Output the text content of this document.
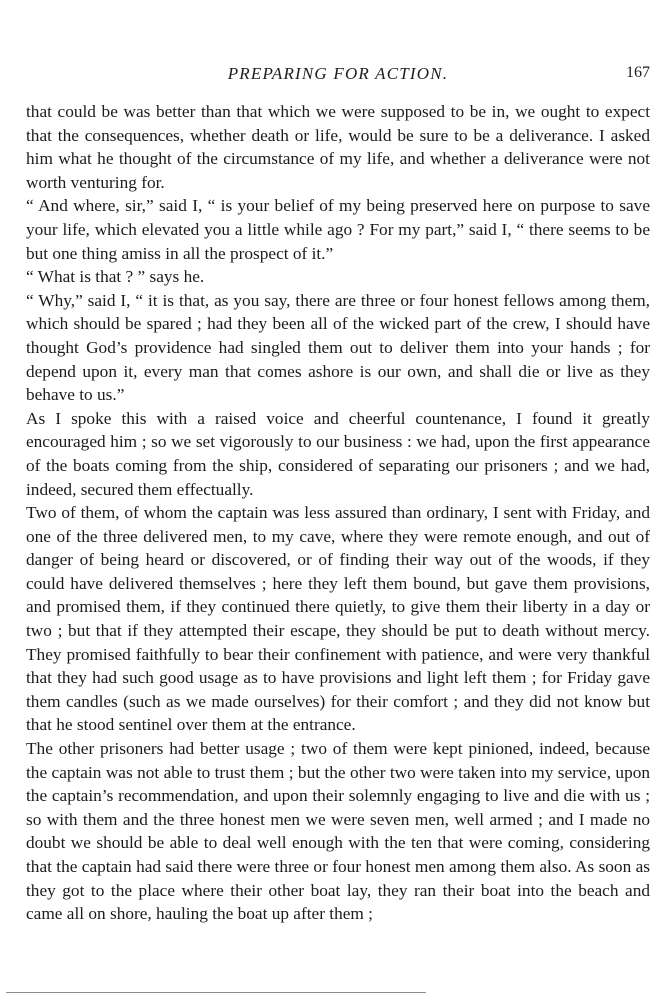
PREPARING FOR ACTION.	167

that could be was better than that which we were supposed to be in, we ought to expect that the consequences, whether death or life, would be sure to be a deliverance. I asked him what he thought of the circumstance of my life, and whether a deliverance were not worth venturing for.

“ And where, sir,” said I, “ is your belief of my being preserved here on purpose to save your life, which elevated you a little while ago ? For my part,” said I, “ there seems to be but one thing amiss in all the prospect of it.”

“ What is that ? ” says he.

“ Why,” said I, “ it is that, as you say, there are three or four honest fellows among them, which should be spared ; had they been all of the wicked part of the crew, I should have thought God’s providence had singled them out to deliver them into your hands ; for depend upon it, every man that comes ashore is our own, and shall die or live as they behave to us.”

As I spoke this with a raised voice and cheerful countenance, I found it greatly encouraged him ; so we set vigorously to our business : we had, upon the first appearance of the boats coming from the ship, considered of separating our prisoners ; and we had, indeed, secured them effectually.

Two of them, of whom the captain was less assured than ordinary, I sent with Friday, and one of the three delivered men, to my cave, where they were remote enough, and out of danger of being heard or discovered, or of finding their way out of the woods, if they could have delivered themselves ; here they left them bound, but gave them provisions, and promised them, if they continued there quietly, to give them their liberty in a day or two ; but that if they attempted their escape, they should be put to death without mercy. They promised faithfully to bear their confinement with patience, and were very thankful that they had such good usage as to have provisions and light left them ; for Friday gave them candles (such as we made ourselves) for their comfort ; and they did not know but that he stood sentinel over them at the entrance.

The other prisoners had better usage ; two of them were kept pinioned, indeed, because the captain was not able to trust them ; but the other two were taken into my service, upon the captain’s recommendation, and upon their solemnly engaging to live and die with us ; so with them and the three honest men we were seven men, well armed ; and I made no doubt we should be able to deal well enough with the ten that were coming, considering that the captain had said there were three or four honest men among them also. As soon as they got to the place where their other boat lay, they ran their boat into the beach and came all on shore, hauling the boat up after them ;
